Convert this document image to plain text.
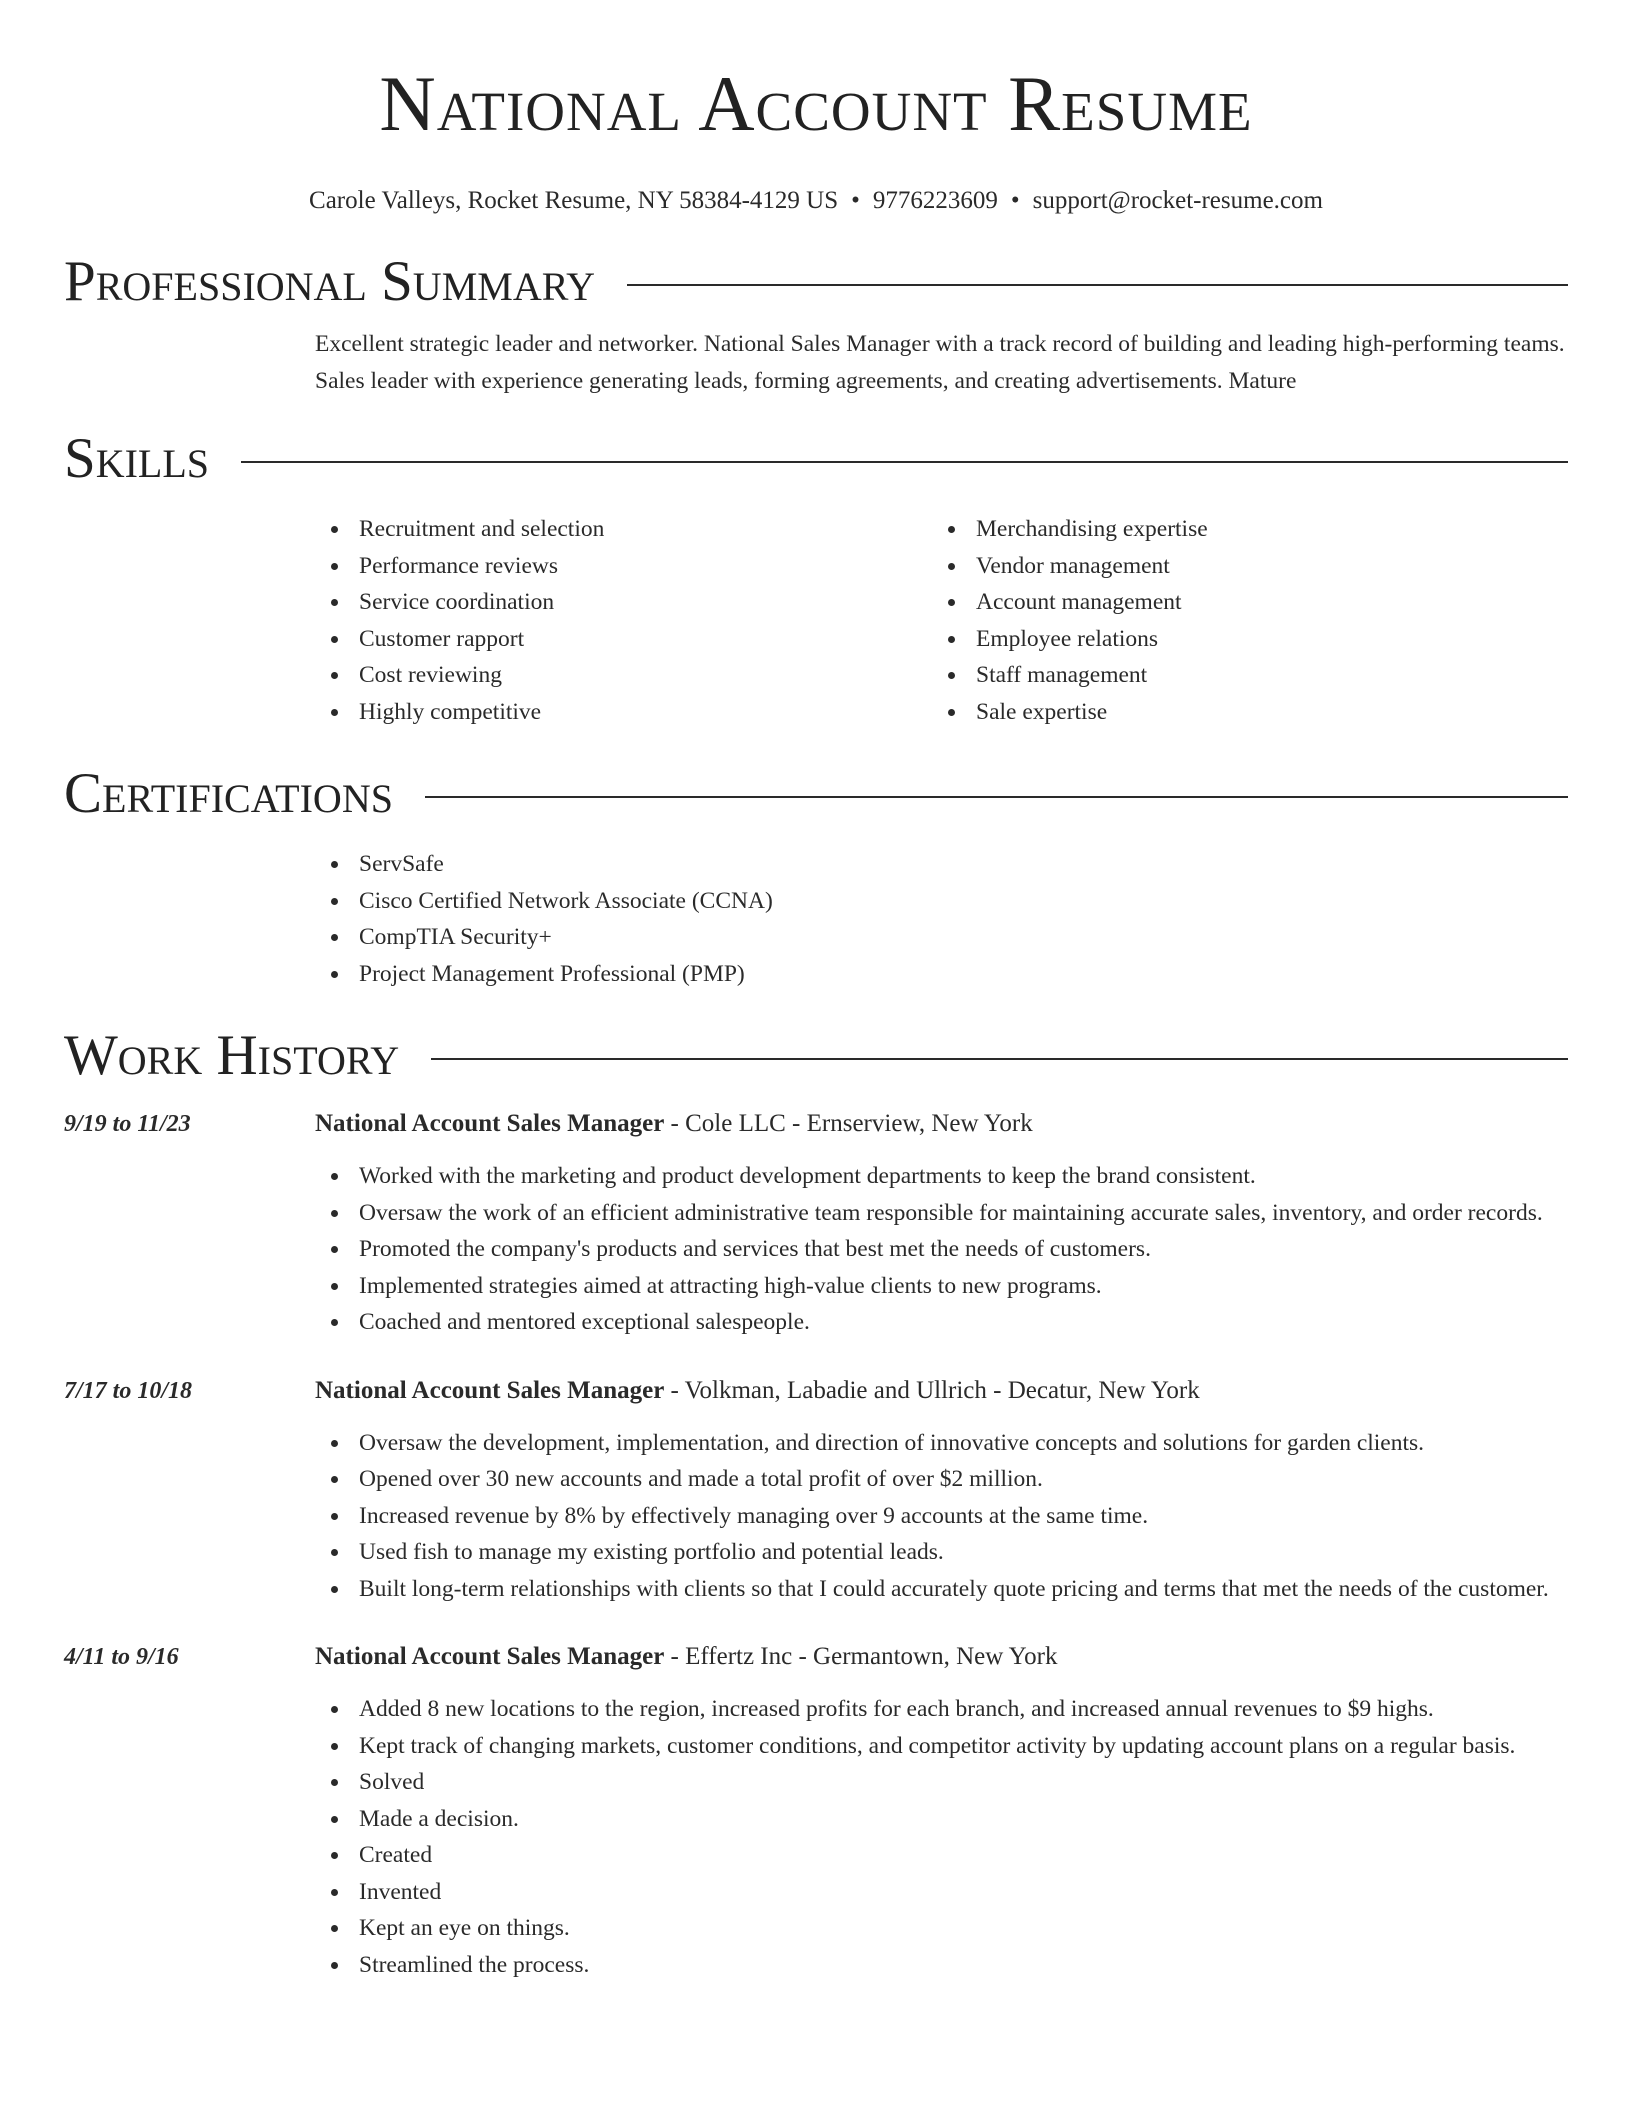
National Account Resume
Carole Valleys, Rocket Resume, NY 58384-4129 US • 9776223609 • support@rocket-resume.com
Professional Summary

Excellent strategic leader and networker. National Sales Manager with a track record of building and leading high-performing teams. Sales leader with experience generating leads, forming agreements, and creating advertisements. Mature

Skills
Recruitment and selection
Performance reviews
Service coordination
Customer rapport
Cost reviewing
Highly competitive
Merchandising expertise
Vendor management
Account management
Employee relations
Staff management
Sale expertise
Certifications
ServSafe
Cisco Certified Network Associate (CCNA)
CompTIA Security+
Project Management Professional (PMP)
Work History
9/19 to 11/23	National Account Sales Manager - Cole LLC - Ernserview, New York
Worked with the marketing and product development departments to keep the brand consistent.
Oversaw the work of an efficient administrative team responsible for maintaining accurate sales, inventory, and order records.
Promoted the company's products and services that best met the needs of customers.
Implemented strategies aimed at attracting high-value clients to new programs.
Coached and mentored exceptional salespeople.
7/17 to 10/18	National Account Sales Manager - Volkman, Labadie and Ullrich - Decatur, New York
Oversaw the development, implementation, and direction of innovative concepts and solutions for garden clients.
Opened over 30 new accounts and made a total profit of over $2 million.
Increased revenue by 8% by effectively managing over 9 accounts at the same time.
Used fish to manage my existing portfolio and potential leads.
Built long-term relationships with clients so that I could accurately quote pricing and terms that met the needs of the customer.
4/11 to 9/16	National Account Sales Manager - Effertz Inc - Germantown, New York
Added 8 new locations to the region, increased profits for each branch, and increased annual revenues to $9 highs.
Kept track of changing markets, customer conditions, and competitor activity by updating account plans on a regular basis.
Solved
Made a decision.
Created
Invented
Kept an eye on things.
Streamlined the process.
